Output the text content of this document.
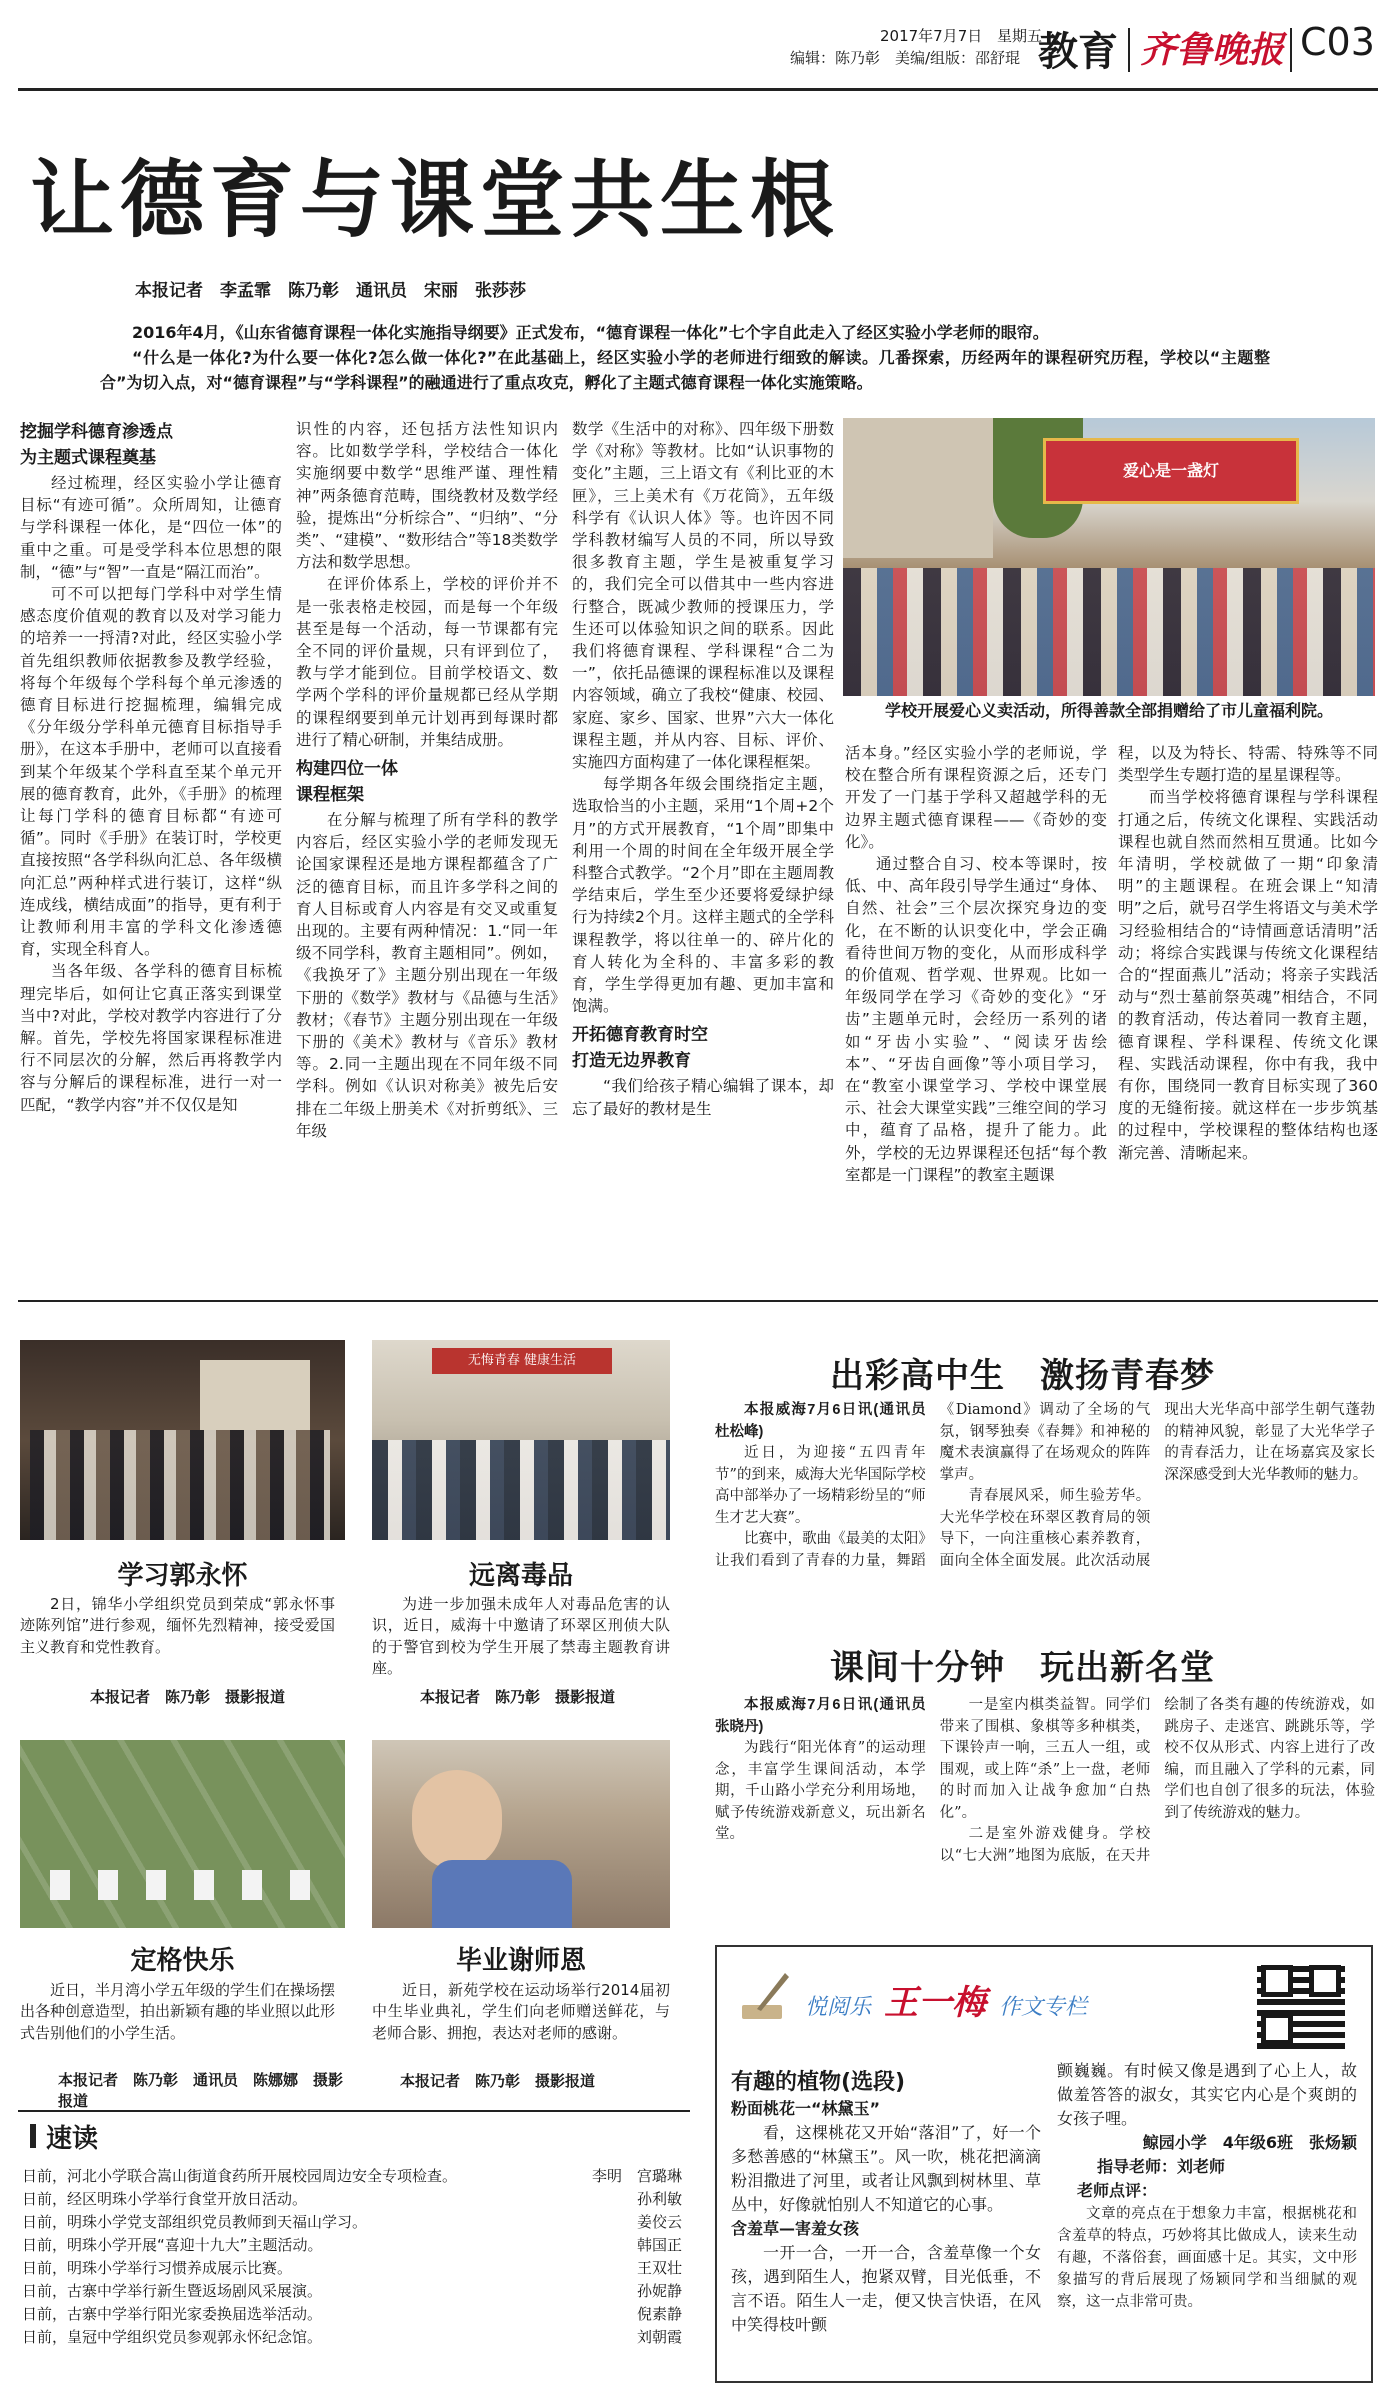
2017年7月7日 星期五
编辑：陈乃彰　美编/组版：邵舒琨 教育 齐鲁晚报 C03
让德育与课堂共生根
本报记者　李孟霏　陈乃彰　通讯员　宋丽　张莎莎

2016年4月，《山东省德育课程一体化实施指导纲要》正式发布，“德育课程一体化”七个字自此走入了经区实验小学老师的眼帘。

“什么是一体化?为什么要一体化?怎么做一体化?”在此基础上，经区实验小学的老师进行细致的解读。几番探索，历经两年的课程研究历程，学校以“主题整合”为切入点，对“德育课程”与“学科课程”的融通进行了重点攻克，孵化了主题式德育课程一体化实施策略。

挖掘学科德育渗透点
为主题式课程奠基

经过梳理，经区实验小学让德育目标“有迹可循”。众所周知，让德育与学科课程一体化，是“四位一体”的重中之重。可是受学科本位思想的限制，“德”与“智”一直是“隔江而治”。

可不可以把每门学科中对学生情感态度价值观的教育以及对学习能力的培养一一捋清?对此，经区实验小学首先组织教师依据教参及教学经验，将每个年级每个学科每个单元渗透的德育目标进行挖掘梳理，编辑完成《分年级分学科单元德育目标指导手册》，在这本手册中，老师可以直接看到某个年级某个学科直至某个单元开展的德育教育，此外，《手册》的梳理让每门学科的德育目标都“有迹可循”。同时《手册》在装订时，学校更直接按照“各学科纵向汇总、各年级横向汇总”两种样式进行装订，这样“纵连成线，横结成面”的指导，更有利于让教师利用丰富的学科文化渗透德育，实现全科育人。

当各年级、各学科的德育目标梳理完毕后，如何让它真正落实到课堂当中?对此，学校对教学内容进行了分解。首先，学校先将国家课程标准进行不同层次的分解，然后再将教学内容与分解后的课程标准，进行一对一匹配，“教学内容”并不仅仅是知

识性的内容，还包括方法性知识内容。比如数学学科，学校结合一体化实施纲要中数学“思维严谨、理性精神”两条德育范畴，围绕教材及数学经验，提炼出“分析综合”、“归纳”、“分类”、“建模”、“数形结合”等18类数学方法和数学思想。

在评价体系上，学校的评价并不是一张表格走校园，而是每一个年级甚至是每一个活动，每一节课都有完全不同的评价量规，只有评到位了，教与学才能到位。目前学校语文、数学两个学科的评价量规都已经从学期的课程纲要到单元计划再到每课时都进行了精心研制，并集结成册。

构建四位一体
课程框架

在分解与梳理了所有学科的教学内容后，经区实验小学的老师发现无论国家课程还是地方课程都蕴含了广泛的德育目标，而且许多学科之间的育人目标或育人内容是有交叉或重复出现的。主要有两种情况：1.“同一年级不同学科，教育主题相同”。例如，《我换牙了》主题分别出现在一年级下册的《数学》教材与《品德与生活》教材；《春节》主题分别出现在一年级下册的《美术》教材与《音乐》教材等。2.同一主题出现在不同年级不同学科。例如《认识对称美》被先后安排在二年级上册美术《对折剪纸》、三年级

数学《生活中的对称》、四年级下册数学《对称》等教材。比如“认识事物的变化”主题，三上语文有《利比亚的木匣》，三上美术有《万花筒》，五年级科学有《认识人体》等。也许因不同学科教材编写人员的不同，所以导致很多教育主题，学生是被重复学习的，我们完全可以借其中一些内容进行整合，既减少教师的授课压力，学生还可以体验知识之间的联系。因此我们将德育课程、学科课程“合二为一”，依托品德课的课程标准以及课程内容领域，确立了我校“健康、校园、家庭、家乡、国家、世界”六大一体化课程主题，并从内容、目标、评价、实施四方面构建了一体化课程框架。

每学期各年级会围绕指定主题，选取恰当的小主题，采用“1个周+2个月”的方式开展教育，“1个周”即集中利用一个周的时间在全年级开展全学科整合式教学。“2个月”即在主题周教学结束后，学生至少还要将爱绿护绿行为持续2个月。这样主题式的全学科课程教学，将以往单一的、碎片化的育人转化为全科的、丰富多彩的教育，学生学得更加有趣、更加丰富和饱满。

开拓德育教育时空
打造无边界教育

“我们给孩子精心编辑了课本，却忘了最好的教材是生

爱心是一盏灯
学校开展爱心义卖活动，所得善款全部捐赠给了市儿童福利院。

活本身。”经区实验小学的老师说，学校在整合所有课程资源之后，还专门开发了一门基于学科又超越学科的无边界主题式德育课程——《奇妙的变化》。

通过整合自习、校本等课时，按低、中、高年段引导学生通过“身体、自然、社会”三个层次探究身边的变化，在不断的认识变化中，学会正确看待世间万物的变化，从而形成科学的价值观、哲学观、世界观。比如一年级同学在学习《奇妙的变化》“牙齿”主题单元时，会经历一系列的诸如“牙齿小实验”、“阅读牙齿绘本”、“牙齿自画像”等小项目学习，在“教室小课堂学习、学校中课堂展示、社会大课堂实践”三维空间的学习中，蕴育了品格，提升了能力。此外，学校的无边界课程还包括“每个教室都是一门课程”的教室主题课

程，以及为特长、特需、特殊等不同类型学生专题打造的星星课程等。

而当学校将德育课程与学科课程打通之后，传统文化课程、实践活动课程也就自然而然相互贯通。比如今年清明，学校就做了一期“印象清明”的主题课程。在班会课上“知清明”之后，就号召学生将语文与美术学习经验相结合的“诗情画意话清明”活动；将综合实践课与传统文化课程结合的“捏面燕儿”活动；将亲子实践活动与“烈士墓前祭英魂”相结合，不同的教育活动，传达着同一教育主题，德育课程、学科课程、传统文化课程、实践活动课程，你中有我，我中有你，围绕同一教育目标实现了360度的无缝衔接。就这样在一步步筑基的过程中，学校课程的整体结构也逐渐完善、清晰起来。

学习郭永怀

2日，锦华小学组织党员到荣成“郭永怀事迹陈列馆”进行参观，缅怀先烈精神，接受爱国主义教育和党性教育。

本报记者　陈乃彰　摄影报道
无悔青春 健康生活
远离毒品

为进一步加强未成年人对毒品危害的认识，近日，威海十中邀请了环翠区刑侦大队的于警官到校为学生开展了禁毒主题教育讲座。

本报记者　陈乃彰　摄影报道
定格快乐

近日，半月湾小学五年级的学生们在操场摆出各种创意造型，拍出新颖有趣的毕业照以此形式告别他们的小学生活。

本报记者　陈乃彰　通讯员　陈娜娜　摄影报道
毕业谢师恩

近日，新苑学校在运动场举行2014届初中生毕业典礼，学生们向老师赠送鲜花，与老师合影、拥抱，表达对老师的感谢。

本报记者　陈乃彰　摄影报道
出彩高中生　激扬青春梦

本报威海7月6日讯(通讯员　杜松峰)

近日，为迎接“五四青年节”的到来，威海大光华国际学校高中部举办了一场精彩纷呈的“师生才艺大赛”。

比赛中，歌曲《最美的太阳》让我们看到了青春的力量，舞蹈《Diamond》调动了全场的气氛，钢琴独奏《春舞》和神秘的魔术表演赢得了在场观众的阵阵掌声。

青春展风采，师生验芳华。大光华学校在环翠区教育局的领导下，一向注重核心素养教育，面向全体全面发展。此次活动展现出大光华高中部学生朝气蓬勃的精神风貌，彰显了大光华学子的青春活力，让在场嘉宾及家长深深感受到大光华教师的魅力。

课间十分钟　玩出新名堂

本报威海7月6日讯(通讯员　张晓丹)

为践行“阳光体育”的运动理念，丰富学生课间活动，本学期，千山路小学充分利用场地，赋予传统游戏新意义，玩出新名堂。

一是室内棋类益智。同学们带来了围棋、象棋等多种棋类，下课铃声一响，三五人一组，或围观，或上阵“杀”上一盘，老师的时而加入让战争愈加“白热化”。

二是室外游戏健身。学校以“七大洲”地图为底版，在天井绘制了各类有趣的传统游戏，如跳房子、走迷宫、跳跳乐等，学校不仅从形式、内容上进行了改编，而且融入了学科的元素，同学们也自创了很多的玩法，体验到了传统游戏的魅力。

悦阅乐 王一梅 作文专栏
有趣的植物(选段)
粉面桃花一“林黛玉”

看，这棵桃花又开始“落泪”了，好一个多愁善感的“林黛玉”。风一吹，桃花把滴滴粉泪撒进了河里，或者让风飘到树林里、草丛中，好像就怕别人不知道它的心事。

含羞草—害羞女孩

一开一合，一开一合，含羞草像一个女孩，遇到陌生人，抱紧双臂，目光低垂，不言不语。陌生人一走，便又快言快语，在风中笑得枝叶颤

颤巍巍。有时候又像是遇到了心上人，故做羞答答的淑女，其实它内心是个爽朗的女孩子哩。

鲸园小学　4年级6班　张炀颖
指导老师：刘老师
老师点评：

文章的亮点在于想象力丰富，根据桃花和含羞草的特点，巧妙将其比做成人，读来生动有趣，不落俗套，画面感十足。其实，文中形象描写的背后展现了炀颖同学和当细腻的观察，这一点非常可贵。

速读
日前，河北小学联合嵩山街道食药所开展校园周边安全专项检查。	李明　宫璐琳
日前，经区明珠小学举行食堂开放日活动。	孙利敏
日前，明珠小学党支部组织党员教师到天福山学习。	姜佼云
日前，明珠小学开展“喜迎十九大”主题活动。	韩国正
日前，明珠小学举行习惯养成展示比赛。	王双壮
日前，古寨中学举行新生暨返场剧风采展演。	孙妮静
日前，古寨中学举行阳光家委换届选举活动。	倪素静
日前，皇冠中学组织党员参观郭永怀纪念馆。	刘朝霞
